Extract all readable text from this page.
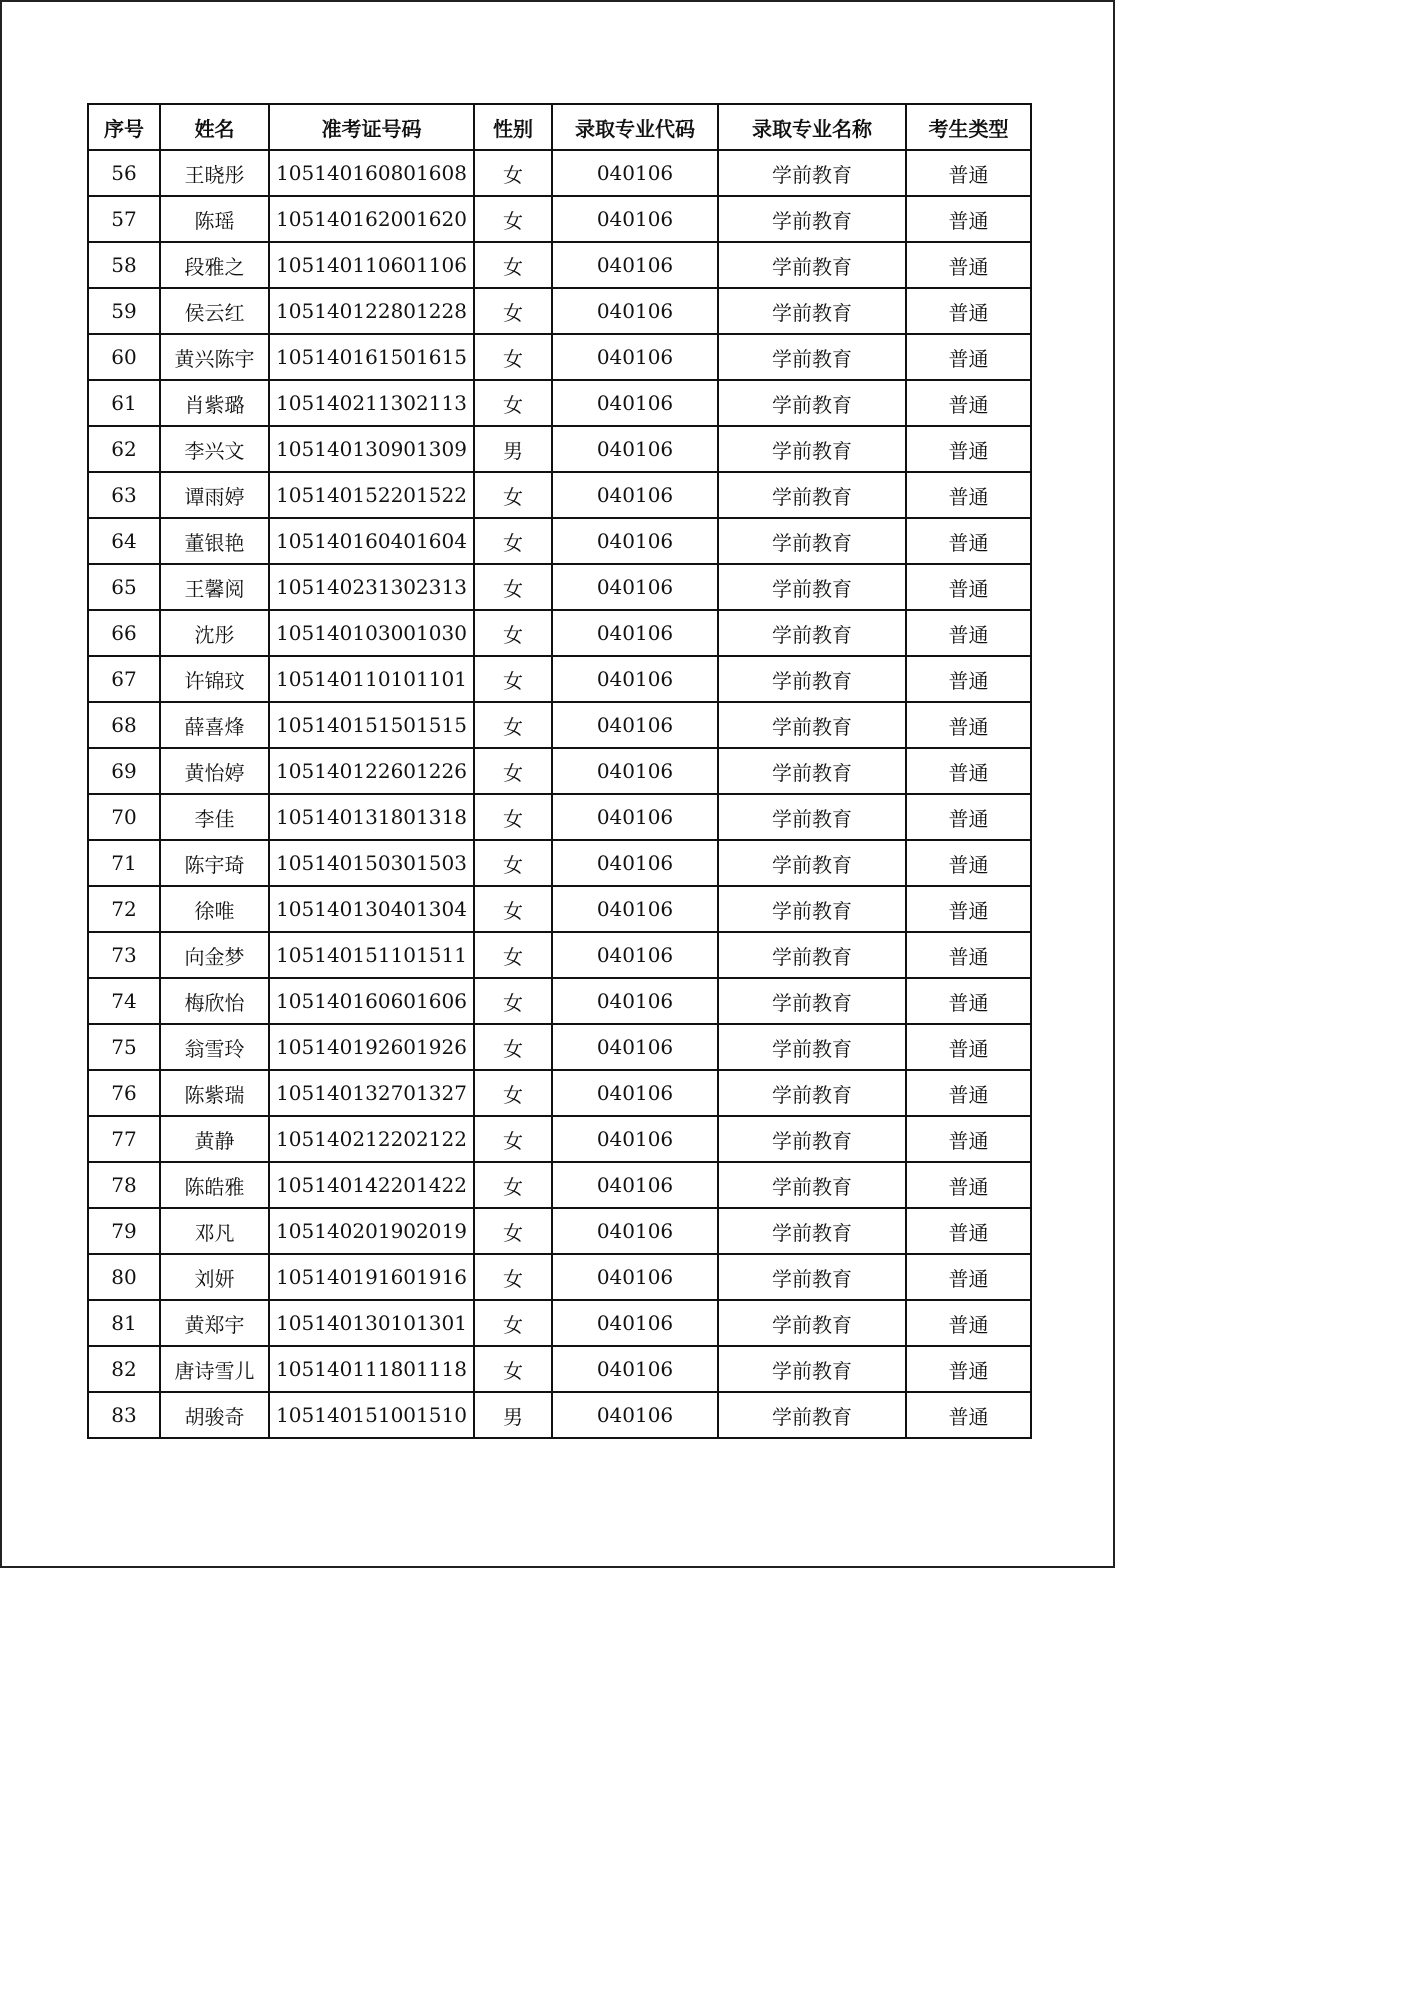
序号	姓名	准考证号码	性别	录取专业代码	录取专业名称	考生类型
56	王晓彤	105140160801608	女	040106	学前教育	普通
57	陈瑶	105140162001620	女	040106	学前教育	普通
58	段雅之	105140110601106	女	040106	学前教育	普通
59	侯云红	105140122801228	女	040106	学前教育	普通
60	黄兴陈宇	105140161501615	女	040106	学前教育	普通
61	肖紫璐	105140211302113	女	040106	学前教育	普通
62	李兴文	105140130901309	男	040106	学前教育	普通
63	谭雨婷	105140152201522	女	040106	学前教育	普通
64	董银艳	105140160401604	女	040106	学前教育	普通
65	王馨阅	105140231302313	女	040106	学前教育	普通
66	沈彤	105140103001030	女	040106	学前教育	普通
67	许锦玟	105140110101101	女	040106	学前教育	普通
68	薛喜烽	105140151501515	女	040106	学前教育	普通
69	黄怡婷	105140122601226	女	040106	学前教育	普通
70	李佳	105140131801318	女	040106	学前教育	普通
71	陈宇琦	105140150301503	女	040106	学前教育	普通
72	徐唯	105140130401304	女	040106	学前教育	普通
73	向金梦	105140151101511	女	040106	学前教育	普通
74	梅欣怡	105140160601606	女	040106	学前教育	普通
75	翁雪玲	105140192601926	女	040106	学前教育	普通
76	陈紫瑞	105140132701327	女	040106	学前教育	普通
77	黄静	105140212202122	女	040106	学前教育	普通
78	陈皓雅	105140142201422	女	040106	学前教育	普通
79	邓凡	105140201902019	女	040106	学前教育	普通
80	刘妍	105140191601916	女	040106	学前教育	普通
81	黄郑宇	105140130101301	女	040106	学前教育	普通
82	唐诗雪儿	105140111801118	女	040106	学前教育	普通
83	胡骏奇	105140151001510	男	040106	学前教育	普通
